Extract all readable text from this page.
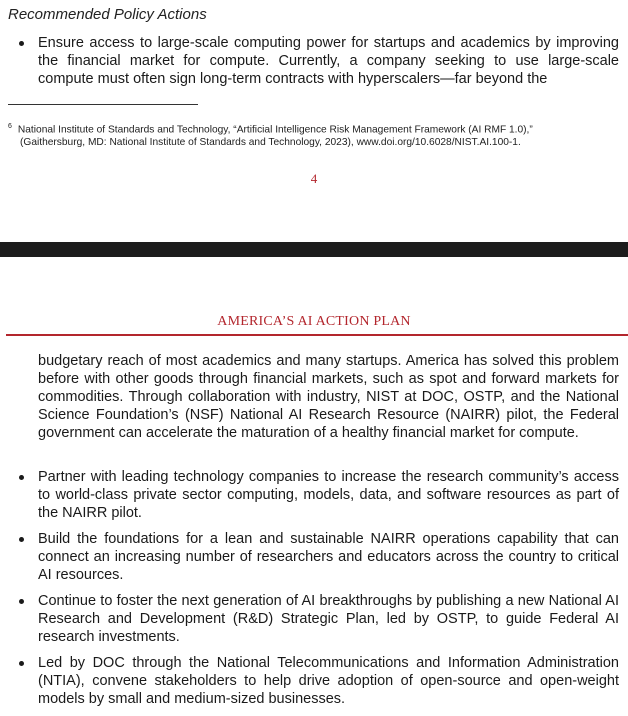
Recommended Policy Actions
Ensure access to large-scale computing power for startups and academics by improving the financial market for compute. Currently, a company seeking to use large-scale compute must often sign long-term contracts with hyperscalers—far beyond the
$^6$ National Institute of Standards and Technology, “Artificial Intelligence Risk Management Framework (AI RMF 1.0),”
(Gaithersburg, MD: National Institute of Standards and Technology, 2023), www.doi.org/10.6028/NIST.AI.100-1.
4
AMERICA’S AI ACTION PLAN
budgetary reach of most academics and many startups. America has solved this problem before with other goods through financial markets, such as spot and forward markets for commodities. Through collaboration with industry, NIST at DOC, OSTP, and the National Science Foundation’s (NSF) National AI Research Resource (NAIRR) pilot, the Federal government can accelerate the maturation of a healthy financial market for compute.
Partner with leading technology companies to increase the research community’s access to world-class private sector computing, models, data, and software resources as part of the NAIRR pilot.
Build the foundations for a lean and sustainable NAIRR operations capability that can connect an increasing number of researchers and educators across the country to critical AI resources.
Continue to foster the next generation of AI breakthroughs by publishing a new National AI Research and Development (R&D) Strategic Plan, led by OSTP, to guide Federal AI research investments.
Led by DOC through the National Telecommunications and Information Administration (NTIA), convene stakeholders to help drive adoption of open-source and open-weight models by small and medium-sized businesses.
